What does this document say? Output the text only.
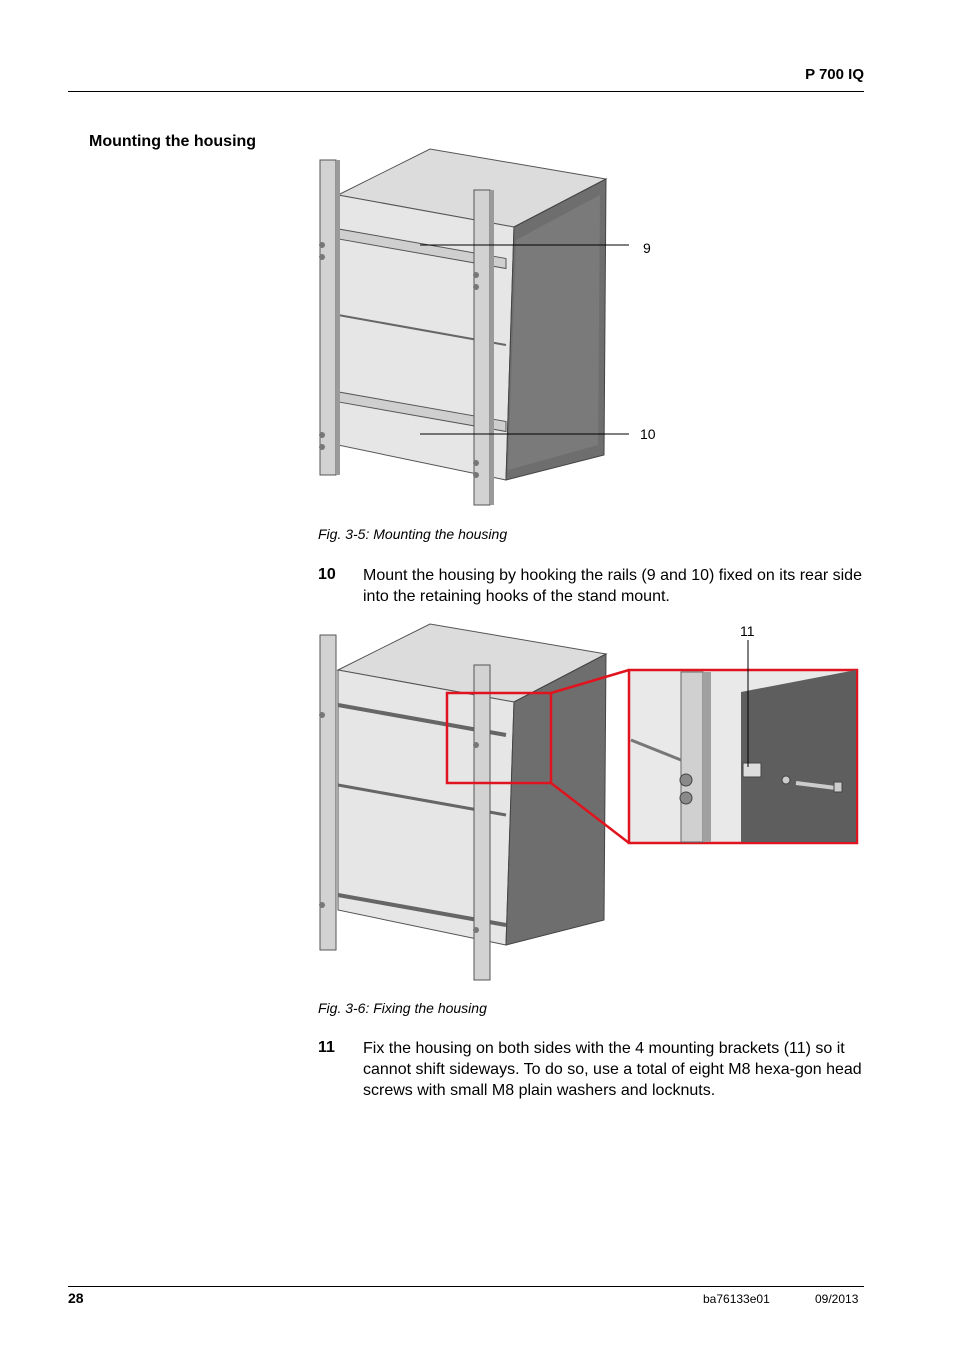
P 700 IQ
Mounting the housing
9
10
Fig. 3-5: Mounting the housing
10 Mount the housing by hooking the rails (9 and 10) fixed on its rear side into the retaining hooks of the stand mount.
11
Fig. 3-6: Fixing the housing
11 Fix the housing on both sides with the 4 mounting brackets (11) so it cannot shift sideways. To do so, use a total of eight M8 hexa-gon head screws with small M8 plain washers and locknuts.
28	ba76133e01	09/2013
